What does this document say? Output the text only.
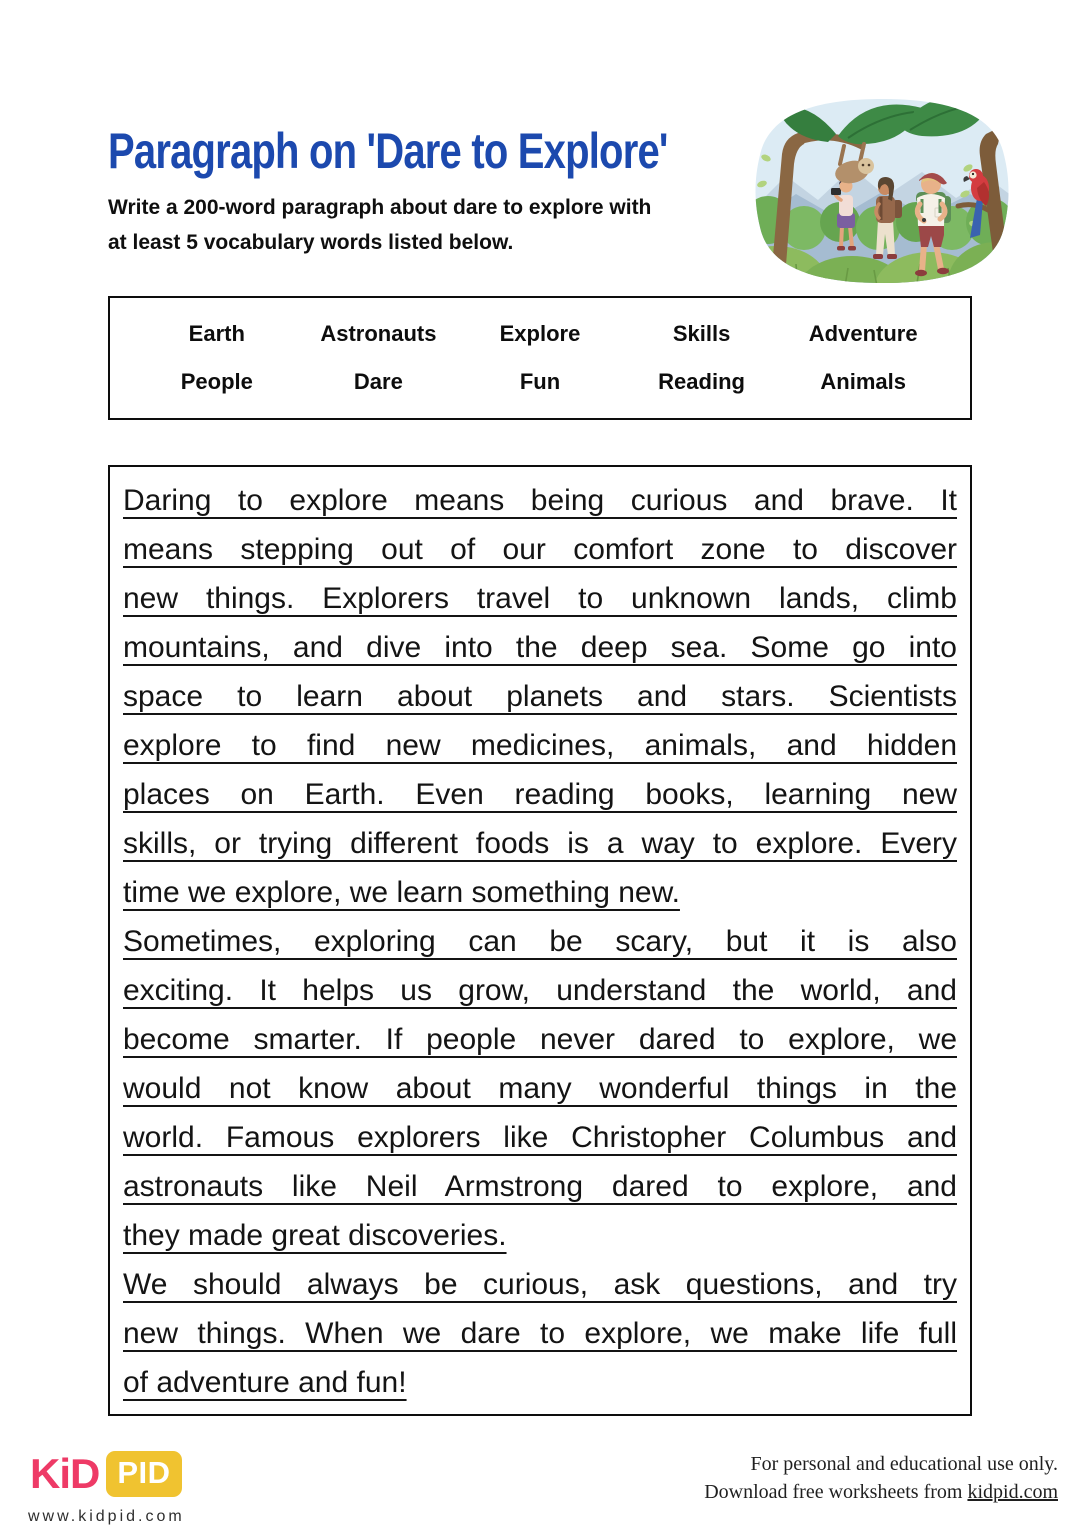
Paragraph on 'Dare to Explore'
Write a 200-word paragraph about dare to explore with
at least 5 vocabulary words listed below.
Earth	Astronauts	Explore	Skills	Adventure
People	Dare	Fun	Reading	Animals
Daring to explore means being curious and brave. It
means stepping out of our comfort zone to discover
new things. Explorers travel to unknown lands, climb
mountains, and dive into the deep sea. Some go into
space to learn about planets and stars. Scientists
explore to find new medicines, animals, and hidden
places on Earth. Even reading books, learning new
skills, or trying different foods is a way to explore. Every
time we explore, we learn something new.
Sometimes, exploring can be scary, but it is also
exciting. It helps us grow, understand the world, and
become smarter. If people never dared to explore, we
would not know about many wonderful things in the
world. Famous explorers like Christopher Columbus and
astronauts like Neil Armstrong dared to explore, and
they made great discoveries.
We should always be curious, ask questions, and try
new things. When we dare to explore, we make life full
of adventure and fun!
KiD PID
www.kidpid.com
For personal and educational use only.
Download free worksheets from kidpid.com
